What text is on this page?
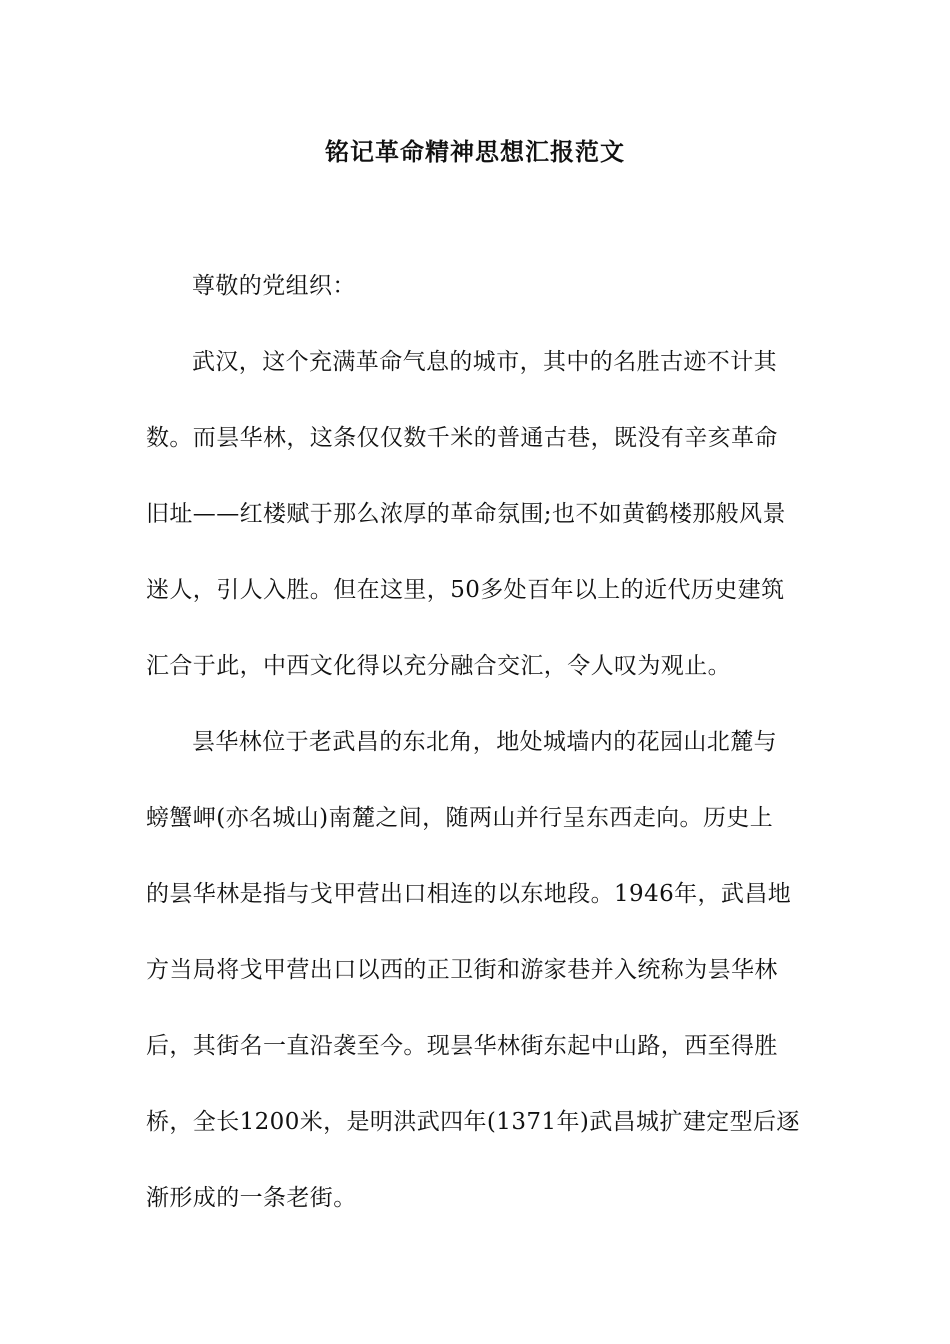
铭记革命精神思想汇报范文

尊敬的党组织：

武汉，这个充满革命气息的城市，其中的名胜古迹不计其

数。而昙华林，这条仅仅数千米的普通古巷，既没有辛亥革命
旧址——红楼赋于那么浓厚的革命氛围;也不如黄鹤楼那般风景
迷人，引人入胜。但在这里，50多处百年以上的近代历史建筑
汇合于此，中西文化得以充分融合交汇，令人叹为观止。

昙华林位于老武昌的东北角，地处城墙内的花园山北麓与

螃蟹岬(亦名城山)南麓之间，随两山并行呈东西走向。历史上
的昙华林是指与戈甲营出口相连的以东地段。1946年，武昌地
方当局将戈甲营出口以西的正卫街和游家巷并入统称为昙华林
后，其街名一直沿袭至今。现昙华林街东起中山路，西至得胜
桥，全长1200米，是明洪武四年(1371年)武昌城扩建定型后逐
渐形成的一条老街。
